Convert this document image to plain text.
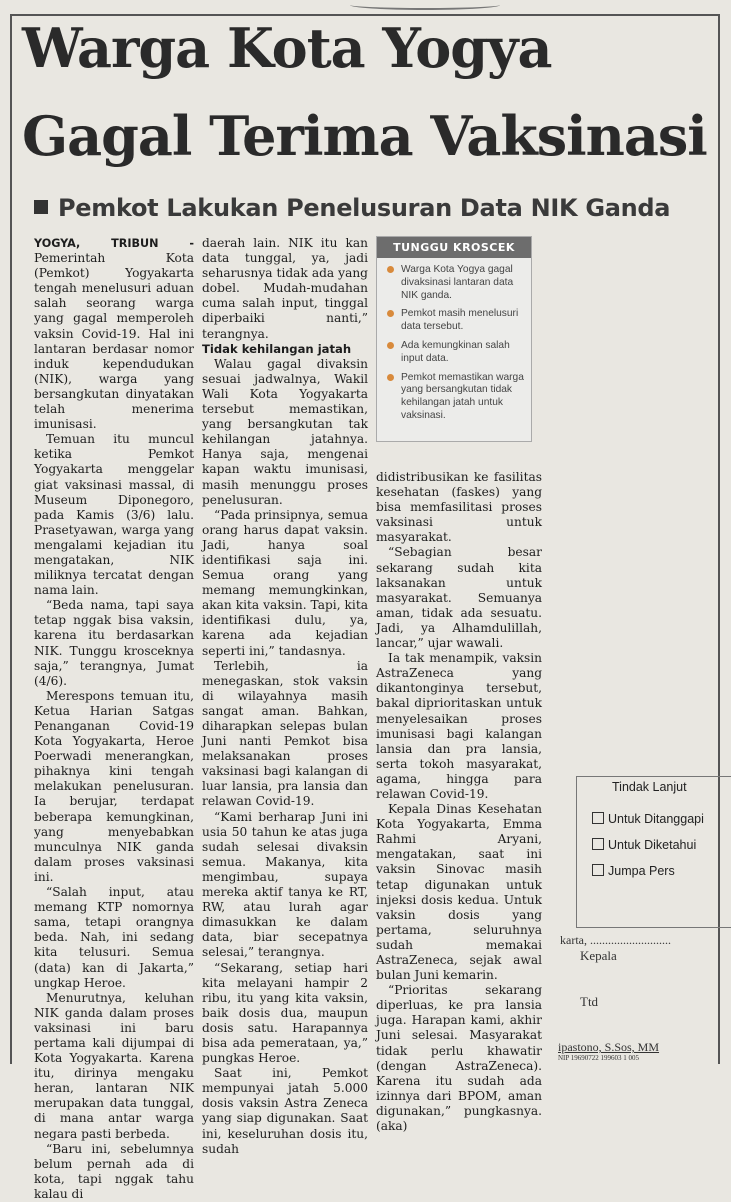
Warga Kota Yogya
Gagal Terima Vaksinasi
Pemkot Lakukan Penelusuran Data NIK Ganda

YOGYA, TRIBUN - Pemerintah Kota (Pemkot) Yogyakarta tengah menelusuri aduan salah seorang warga yang gagal memperoleh vaksin Covid-19. Hal ini lantaran berdasar nomor induk kependudukan (NIK), warga yang bersangkutan dinyatakan telah menerima imunisasi.

Temuan itu muncul ketika Pemkot Yogyakarta menggelar giat vaksinasi massal, di Museum Diponegoro, pada Kamis (3/6) lalu. Prasetyawan, warga yang mengalami kejadian itu mengatakan, NIK miliknya tercatat dengan nama lain.

“Beda nama, tapi saya tetap nggak bisa vaksin, karena itu berdasarkan NIK. Tunggu krosceknya saja,” terangnya, Jumat (4/6).

Merespons temuan itu, Ketua Harian Satgas Penanganan Covid-19 Kota Yogyakarta, Heroe Poerwadi menerangkan, pihaknya kini tengah melakukan penelusuran. Ia berujar, terdapat beberapa kemungkinan, yang menyebabkan munculnya NIK ganda dalam proses vaksinasi ini.

“Salah input, atau memang KTP nomornya sama, tetapi orangnya beda. Nah, ini sedang kita telusuri. Semua (data) kan di Jakarta,” ungkap Heroe.

Menurutnya, keluhan NIK ganda dalam proses vaksinasi ini baru pertama kali dijumpai di Kota Yogyakarta. Karena itu, dirinya mengaku heran, lantaran NIK merupakan data tunggal, di mana antar warga negara pasti berbeda.

“Baru ini, sebelumnya belum pernah ada di kota, tapi nggak tahu kalau di

daerah lain. NIK itu kan data tunggal, ya, jadi seharusnya tidak ada yang dobel. Mudah-mudahan cuma salah input, tinggal diperbaiki nanti,” terangnya.

Tidak kehilangan jatah

Walau gagal divaksin sesuai jadwalnya, Wakil Wali Kota Yogyakarta tersebut memastikan, yang bersangkutan tak kehilangan jatahnya. Hanya saja, mengenai kapan waktu imunisasi, masih menunggu proses penelusuran.

“Pada prinsipnya, semua orang harus dapat vaksin. Jadi, hanya soal identifikasi saja ini. Semua orang yang memang memungkinkan, akan kita vaksin. Tapi, kita identifikasi dulu, ya, karena ada kejadian seperti ini,” tandasnya.

Terlebih, ia menegaskan, stok vaksin di wilayahnya masih sangat aman. Bahkan, diharapkan selepas bulan Juni nanti Pemkot bisa melaksanakan proses vaksinasi bagi kalangan di luar lansia, pra lansia dan relawan Covid-19.

“Kami berharap Juni ini usia 50 tahun ke atas juga sudah selesai divaksin semua. Makanya, kita mengimbau, supaya mereka aktif tanya ke RT, RW, atau lurah agar dimasukkan ke dalam data, biar secepatnya selesai,” terangnya.

“Sekarang, setiap hari kita melayani hampir 2 ribu, itu yang kita vaksin, baik dosis dua, maupun dosis satu. Harapannya bisa ada pemerataan, ya,” pungkas Heroe.

Saat ini, Pemkot mempunyai jatah 5.000 dosis vaksin Astra Zeneca yang siap digunakan. Saat ini, keseluruhan dosis itu, sudah

TUNGGU KROSCEK
Warga Kota Yogya gagal divaksinasi lantaran data NIK ganda.
Pemkot masih menelusuri data tersebut.
Ada kemungkinan salah input data.
Pemkot memastikan warga yang bersangkutan tidak kehilangan jatah untuk vaksinasi.

didistribusikan ke fasilitas kesehatan (faskes) yang bisa memfasilitasi proses vaksinasi untuk masyarakat.

“Sebagian besar sekarang sudah kita laksanakan untuk masyarakat. Semuanya aman, tidak ada sesuatu. Jadi, ya Alhamdulillah, lancar,” ujar wawali.

Ia tak menampik, vaksin AstraZeneca yang dikantonginya tersebut, bakal diprioritaskan untuk menyelesaikan proses imunisasi bagi kalangan lansia dan pra lansia, serta tokoh masyarakat, agama, hingga para relawan Covid-19.

Kepala Dinas Kesehatan Kota Yogyakarta, Emma Rahmi Aryani, mengatakan, saat ini vaksin Sinovac masih tetap digunakan untuk injeksi dosis kedua. Untuk vaksin dosis yang pertama, seluruhnya sudah memakai AstraZeneca, sejak awal bulan Juni kemarin.

“Prioritas sekarang diperluas, ke pra lansia juga. Harapan kami, akhir Juni selesai. Masyarakat tidak perlu khawatir (dengan AstraZeneca). Karena itu sudah ada izinnya dari BPOM, aman digunakan,” pungkasnya. (aka)

Tindak Lanjut
Untuk Ditanggapi
Untuk Diketahui
Jumpa Pers
karta, ...........................
Kepala
Ttd
ipastono, S.Sos, MM
NIP 19690722 199603 1 005
